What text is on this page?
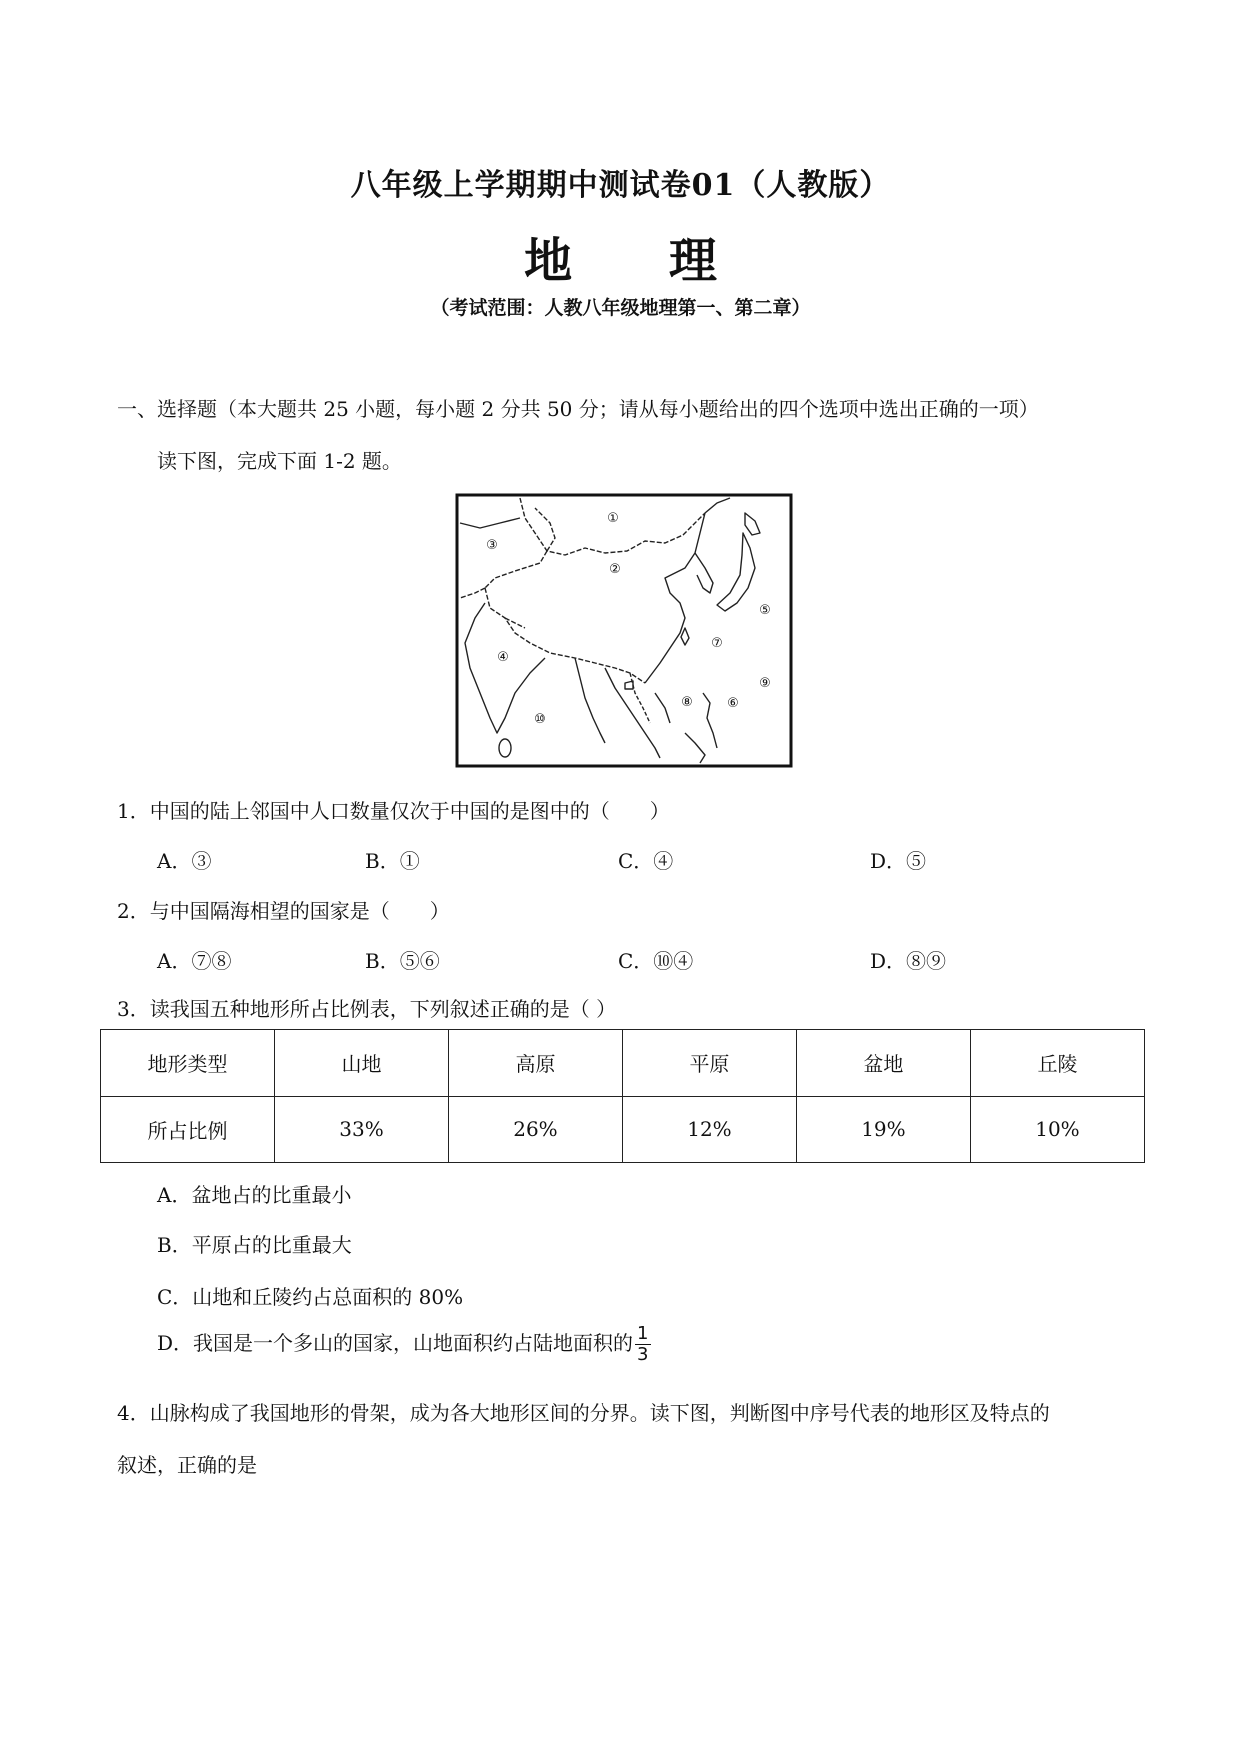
八年级上学期期中测试卷01（人教版）
地 理
（考试范围：人教八年级地理第一、第二章）
一、选择题（本大题共 25 小题，每小题 2 分共 50 分；请从每小题给出的四个选项中选出正确的一项）
读下图，完成下面 1-2 题。
①
②
③
④
⑤
⑥
⑦
⑧
⑨
⑩
1．中国的陆上邻国中人口数量仅次于中国的是图中的（　　）
A．③	B．①	C．④	D．⑤
2．与中国隔海相望的国家是（　　）
A．⑦⑧	B．⑤⑥	C．⑩④	D．⑧⑨
3．读我国五种地形所占比例表，下列叙述正确的是（ ）
地形类型	山地	高原	平原	盆地	丘陵
所占比例	33%	26%	12%	19%	10%
A．盆地占的比重最小
B．平原占的比重最大
C．山地和丘陵约占总面积的 80%
D．我国是一个多山的国家，山地面积约占陆地面积的 $\frac{1}{3}$
4．山脉构成了我国地形的骨架，成为各大地形区间的分界。读下图，判断图中序号代表的地形区及特点的
叙述，正确的是
